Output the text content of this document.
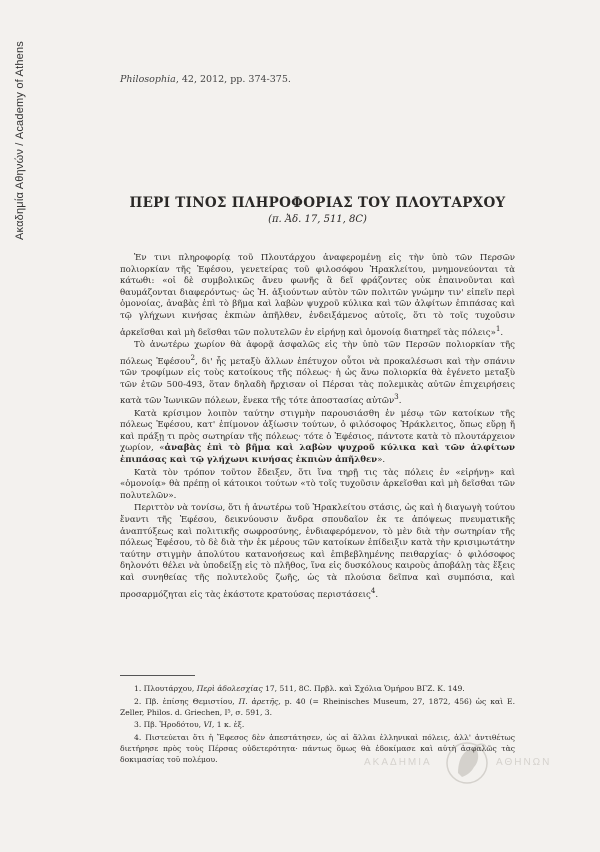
Ακαδημία Αθηνών / Academy of Athens	Philosophia, 42, 2012, pp. 374-375.
ΠΕΡΙ ΤΙΝΟΣ ΠΛΗΡΟΦΟΡΙΑΣ ΤΟΥ ΠΛΟΥΤΑΡΧΟΥ
(π. Ἀδ. 17, 511, 8C)

Ἐν τινι πληροφορίᾳ τοῦ Πλουτάρχου ἀναφερομένῃ εἰς τὴν ὑπὸ τῶν Περσῶν πολιορκίαν τῆς Ἐφέσου, γενετείρας τοῦ φιλοσόφου Ἡρακλείτου, μνημονεύονται τὰ κάτωθι: «οἱ δὲ συμβολικῶς ἄνευ φωνῆς ἃ δεῖ φράζοντες οὐκ ἐπαινοῦνται καὶ θαυμάζονται διαφερόντως· ὡς Ἡ. ἀξιούντων αὐτὸν τῶν πολιτῶν γνώμην τιν' εἰπεῖν περὶ ὁμονοίας, ἀναβὰς ἐπὶ τὸ βῆμα καὶ λαβὼν ψυχροῦ κύλικα καὶ τῶν ἀλφίτων ἐπιπάσας καὶ τῷ γλήχωνι κινήσας ἐκπιὼν ἀπῆλθεν, ἐνδειξάμενος αὐτοῖς, ὅτι τὸ τοῖς τυχοῦσιν ἀρκεῖσθαι καὶ μὴ δεῖσθαι τῶν πολυτελῶν ἐν εἰρήνῃ καὶ ὁμονοίᾳ διατηρεῖ τὰς πόλεις»$^1$.

Τὸ ἀνωτέρω χωρίον θὰ ἀφορᾷ ἀσφαλῶς εἰς τὴν ὑπὸ τῶν Περσῶν πολιορκίαν τῆς πόλεως Ἐφέσου$^2$, δι' ἧς μεταξὺ ἄλλων ἐπέτυχον οὗτοι νὰ προκαλέσωσι καὶ τὴν σπάνιν τῶν τροφίμων εἰς τοὺς κατοίκους τῆς πόλεως· ἡ ὡς ἄνω πολιορκία θὰ ἐγένετο μεταξὺ τῶν ἐτῶν 500-493, ὅταν δηλαδὴ ἤρχισαν οἱ Πέρσαι τὰς πολεμικὰς αὐτῶν ἐπιχειρήσεις κατὰ τῶν Ἰωνικῶν πόλεων, ἕνεκα τῆς τότε ἀποστασίας αὐτῶν$^3$.

Κατὰ κρίσιμον λοιπὸν ταύτην στιγμὴν παρουσιάσθη ἐν μέσῳ τῶν κατοίκων τῆς πόλεως Ἐφέσου, κατ' ἐπίμονον ἀξίωσιν τούτων, ὁ φιλόσοφος Ἡράκλειτος, ὅπως εὕρῃ ἤ καὶ πράξῃ τι πρὸς σωτηρίαν τῆς πόλεως· τότε ὁ Ἐφέσιος, πάντοτε κατὰ τὸ πλουτάρχειον χωρίον, «ἀναβὰς ἐπὶ τὸ βῆμα καὶ λαβὼν ψυχροῦ κύλικα καὶ τῶν ἀλφίτων ἐπιπάσας καὶ τῷ γλήχωνι κινήσας ἐκπιὼν ἀπῆλθεν».

Κατὰ τὸν τρόπον τοῦτον ἔδειξεν, ὅτι ἵνα τηρῇ τις τὰς πόλεις ἐν «εἰρήνῃ» καὶ «ὁμονοίᾳ» θὰ πρέπῃ οἱ κάτοικοι τούτων «τὸ τοῖς τυχοῦσιν ἀρκεῖσθαι καὶ μὴ δεῖσθαι τῶν πολυτελῶν».

Περιττὸν νὰ τονίσω, ὅτι ἡ ἀνωτέρω τοῦ Ἡρακλείτου στάσις, ὡς καὶ ἡ διαγωγὴ τούτου ἔναντι τῆς Ἐφέσου, δεικνύουσιν ἄνδρα σπουδαῖον ἐκ τε ἀπόψεως πνευματικῆς ἀναπτύξεως καὶ πολιτικῆς σωφροσύνης, ἐνδιαφερόμενον, τὸ μὲν διὰ τὴν σωτηρίαν τῆς πόλεως Ἐφέσου, τὸ δὲ διὰ τὴν ἐκ μέρους τῶν κατοίκων ἐπίδειξιν κατὰ τὴν κρισιμωτάτην ταύτην στιγμὴν ἀπολύτου κατανοήσεως καὶ ἐπιβεβλημένης πειθαρχίας· ὁ φιλόσοφος δηλονότι θέλει νὰ ὑποδείξῃ εἰς τὸ πλῆθος, ἵνα εἰς δυσκόλους καιροὺς ἀποβάλῃ τὰς ἕξεις καὶ συνηθείας τῆς πολυτελοῦς ζωῆς, ὡς τὰ πλούσια δεῖπνα καὶ συμπόσια, καὶ προσαρμόζηται εἰς τὰς ἑκάστοτε κρατούσας περιστάσεις$^4$.

1. Πλουτάρχου, Περὶ ἀδολεσχίας 17, 511, 8C. Πρβλ. καὶ Σχόλια Ὁμήρου ΒΓΖ. Κ. 149.

2. Πβ. ἐπίσης Θεμιστίου, Π. ἀρετῆς, p. 40 (= Rheinisches Museum, 27, 1872, 456) ὡς καὶ E. Zeller, Philos. d. Griechen, I⁵, σ. 591, 3.

3. Πβ. Ἡροδότου, VI, 1 κ. ἑξ.

4. Πιστεύεται ὅτι ἡ Ἔφεσος δὲν ἀπεστάτησεν, ὡς αἱ ἄλλαι ἑλληνικαὶ πόλεις, ἀλλ' ἀντιθέτως διετήρησε πρὸς τοὺς Πέρσας οὐδετερότητα· πάντως ὅμως θὰ ἐδοκίμασε καὶ αὐτὴ ἀσφαλῶς τὰς δοκιμασίας τοῦ πολέμου.	ΑΚΑΔΗΜΙΑ	ΑΘΗΝΩΝ
